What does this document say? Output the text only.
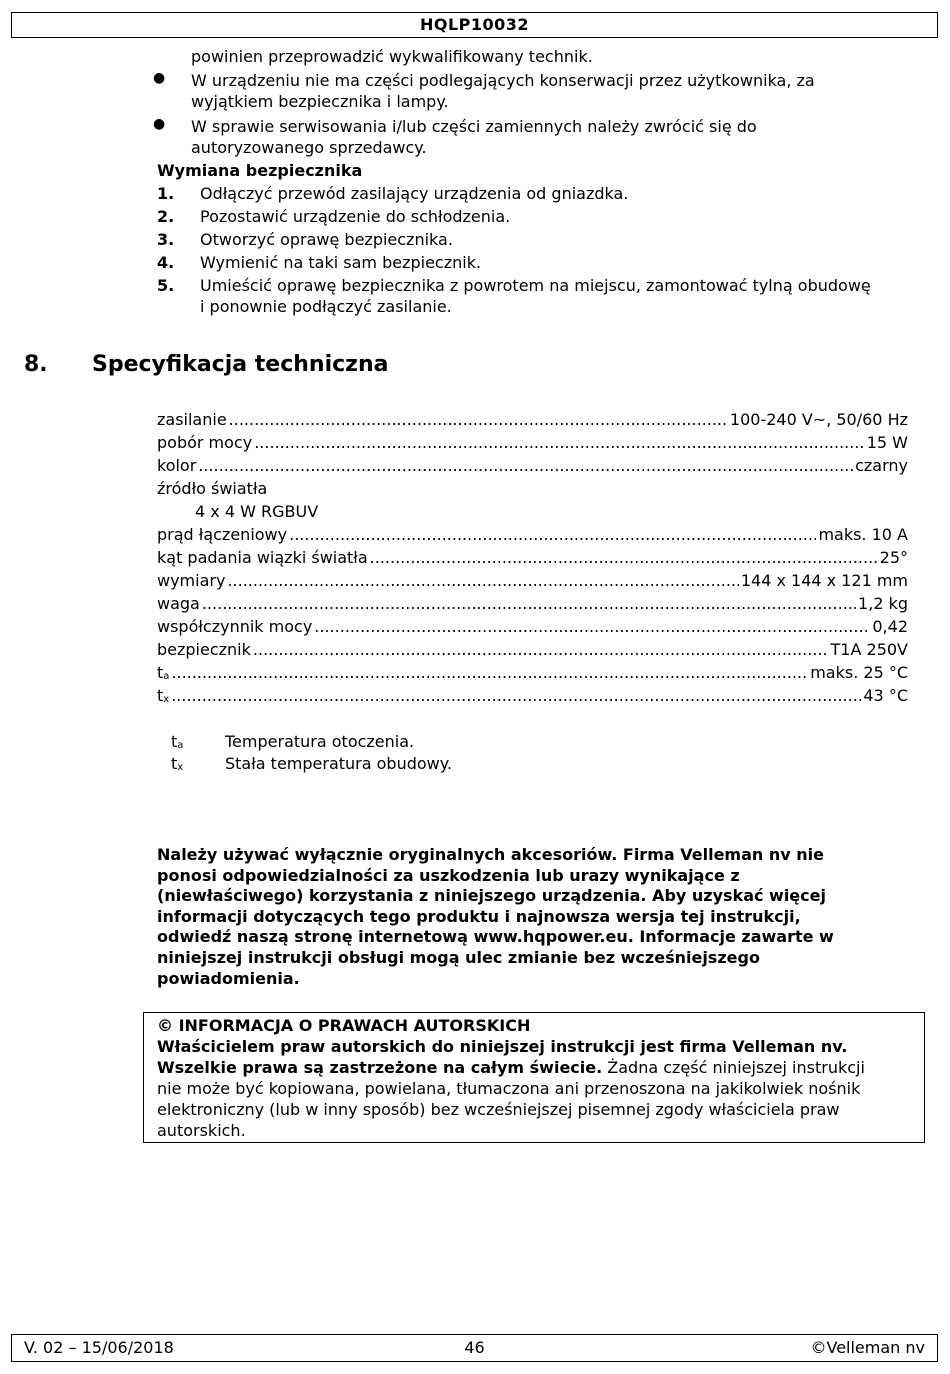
HQLP10032
powinien przeprowadzić wykwalifikowany technik.
● W urządzeniu nie ma części podlegających konserwacji przez użytkownika, za
wyjątkiem bezpiecznika i lampy.
● W sprawie serwisowania i/lub części zamiennych należy zwrócić się do
autoryzowanego sprzedawcy.
Wymiana bezpiecznika
1. Odłączyć przewód zasilający urządzenia od gniazdka.
2. Pozostawić urządzenie do schłodzenia.
3. Otworzyć oprawę bezpiecznika.
4. Wymienić na taki sam bezpiecznik.
5. Umieścić oprawę bezpiecznika z powrotem na miejscu, zamontować tylną obudowę
i ponownie podłączyć zasilanie.
8. Specyfikacja techniczna
zasilanie .....	100-240 V~, 50/60 Hz
pobór mocy .....	15 W
kolor .....	czarny
źródło światła
4 x 4 W RGBUV
prąd łączeniowy .....	maks. 10 A
kąt padania wiązki światła .....	25°
wymiary .....	144 x 144 x 121 mm
waga .....	1,2 kg
współczynnik mocy .....	0,42
bezpiecznik .....	T1A 250V
$t_a$ .....	maks. 25 °C
$t_x$ .....	43 °C
$t_a$	Temperatura otoczenia.
$t_x$	Stała temperatura obudowy.
Należy używać wyłącznie oryginalnych akcesoriów. Firma Velleman nv nie
ponosi odpowiedzialności za uszkodzenia lub urazy wynikające z
(niewłaściwego) korzystania z niniejszego urządzenia. Aby uzyskać więcej
informacji dotyczących tego produktu i najnowsza wersja tej instrukcji,
odwiedź naszą stronę internetową www.hqpower.eu. Informacje zawarte w
niniejszej instrukcji obsługi mogą ulec zmianie bez wcześniejszego
powiadomienia.
© INFORMACJA O PRAWACH AUTORSKICH
Właścicielem praw autorskich do niniejszej instrukcji jest firma Velleman nv.
Wszelkie prawa są zastrzeżone na całym świecie. Żadna część niniejszej instrukcji
nie może być kopiowana, powielana, tłumaczona ani przenoszona na jakikolwiek nośnik
elektroniczny (lub w inny sposób) bez wcześniejszej pisemnej zgody właściciela praw
autorskich.
V. 02 – 15/06/2018	46	©Velleman nv
